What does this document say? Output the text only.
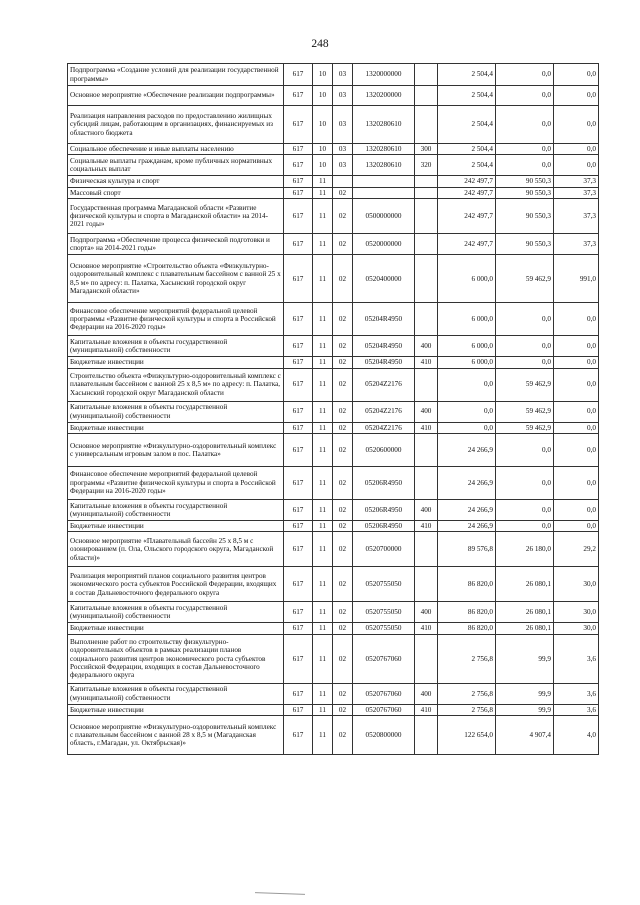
248
Подпрограмма «Создание условий для реализации государственной программы»	617	10	03	1320000000		2 504,4	0,0	0,0
Основное мероприятие «Обеспечение реализации подпрограммы»	617	10	03	1320200000		2 504,4	0,0	0,0
Реализация направления расходов по предоставлению жилищных субсидий лицам, работающим в организациях, финансируемых из областного бюджета	617	10	03	1320280610		2 504,4	0,0	0,0
Социальное обеспечение и иные выплаты населению	617	10	03	1320280610	300	2 504,4	0,0	0,0
Социальные выплаты гражданам, кроме публичных нормативных социальных выплат	617	10	03	1320280610	320	2 504,4	0,0	0,0
Физическая культура и спорт	617	11				242 497,7	90 550,3	37,3
Массовый спорт	617	11	02			242 497,7	90 550,3	37,3
Государственная программа Магаданской области «Развитие физической культуры и спорта в Магаданской области» на 2014-2021 годы»	617	11	02	0500000000		242 497,7	90 550,3	37,3
Подпрограмма «Обеспечение процесса физической подготовки и спорта» на 2014-2021 годы»	617	11	02	0520000000		242 497,7	90 550,3	37,3
Основное мероприятие «Строительство объекта «Физкультурно-оздоровительный комплекс с плавательным бассейном с ванной 25 х 8,5 м» по адресу: п. Палатка, Хасынский городской округ Магаданской области»	617	11	02	0520400000		6 000,0	59 462,9	991,0
Финансовое обеспечение мероприятий федеральной целевой программы «Развитие физической культуры и спорта в Российской Федерации на 2016-2020 годы»	617	11	02	05204R4950		6 000,0	0,0	0,0
Капитальные вложения в объекты государственной (муниципальной) собственности	617	11	02	05204R4950	400	6 000,0	0,0	0,0
Бюджетные инвестиции	617	11	02	05204R4950	410	6 000,0	0,0	0,0
Строительство объекта «Физкультурно-оздоровительный комплекс с плавательным бассейном с ванной 25 х 8,5 м» по адресу: п. Палатка, Хасынский городской округ Магаданской области	617	11	02	05204Z2176		0,0	59 462,9	0,0
Капитальные вложения в объекты государственной (муниципальной) собственности	617	11	02	05204Z2176	400	0,0	59 462,9	0,0
Бюджетные инвестиции	617	11	02	05204Z2176	410	0,0	59 462,9	0,0
Основное мероприятие «Физкультурно-оздоровительный комплекс с универсальным игровым залом в пос. Палатка»	617	11	02	0520600000		24 266,9	0,0	0,0
Финансовое обеспечение мероприятий федеральной целевой программы «Развитие физической культуры и спорта в Российской Федерации на 2016-2020 годы»	617	11	02	05206R4950		24 266,9	0,0	0,0
Капитальные вложения в объекты государственной (муниципальной) собственности	617	11	02	05206R4950	400	24 266,9	0,0	0,0
Бюджетные инвестиции	617	11	02	05206R4950	410	24 266,9	0,0	0,0
Основное мероприятие «Плавательный бассейн 25 х 8,5 м с озонированием (п. Ола, Ольского городского округа, Магаданской области)»	617	11	02	0520700000		89 576,8	26 180,0	29,2
Реализация мероприятий планов социального развития центров экономического роста субъектов Российской Федерации, входящих в состав Дальневосточного федерального округа	617	11	02	0520755050		86 820,0	26 080,1	30,0
Капитальные вложения в объекты государственной (муниципальной) собственности	617	11	02	0520755050	400	86 820,0	26 080,1	30,0
Бюджетные инвестиции	617	11	02	0520755050	410	86 820,0	26 080,1	30,0
Выполнение работ по строительству физкультурно-оздоровительных объектов в рамках реализации планов социального развития центров экономического роста субъектов Российской Федерации, входящих в состав Дальневосточного федерального округа	617	11	02	0520767060		2 756,8	99,9	3,6
Капитальные вложения в объекты государственной (муниципальной) собственности	617	11	02	0520767060	400	2 756,8	99,9	3,6
Бюджетные инвестиции	617	11	02	0520767060	410	2 756,8	99,9	3,6
Основное мероприятие «Физкультурно-оздоровительный комплекс с плавательным бассейном с ванной 28 х 8,5 м (Магаданская область, г.Магадан, ул. Октябрьская)»	617	11	02	0520800000		122 654,0	4 907,4	4,0
